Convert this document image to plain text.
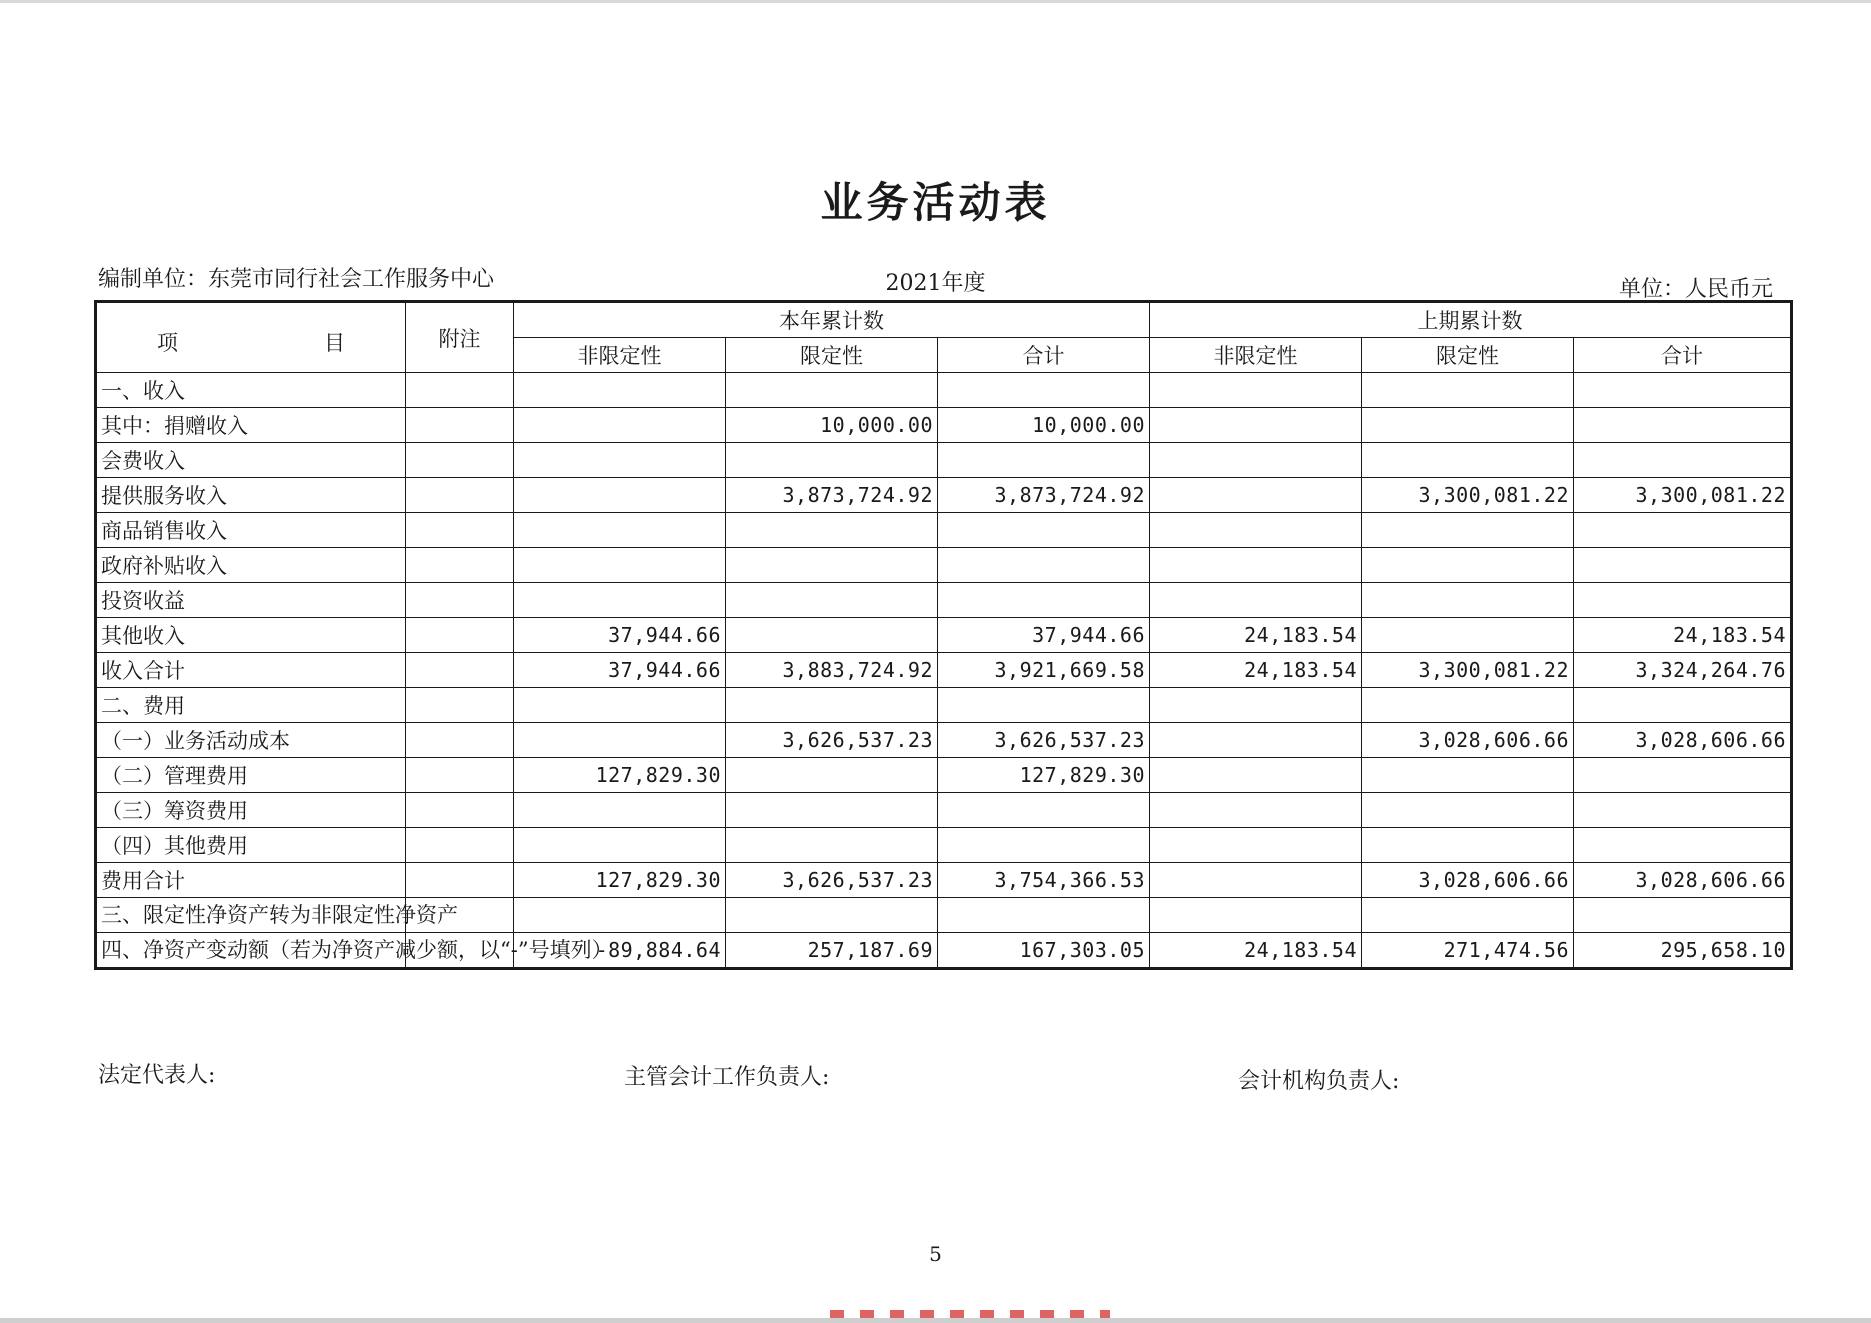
业务活动表
编制单位：东莞市同行社会工作服务中心	2021年度	单位：人民币元
项 目	附注	本年累计数			上期累计数		
		非限定性	限定性	合计	非限定性	限定性	合计
一、收入							
其中：捐赠收入			10,000.00	10,000.00			
会费收入							
提供服务收入			3,873,724.92	3,873,724.92		3,300,081.22	3,300,081.22
商品销售收入							
政府补贴收入							
投资收益							
其他收入		37,944.66		37,944.66	24,183.54		24,183.54
收入合计		37,944.66	3,883,724.92	3,921,669.58	24,183.54	3,300,081.22	3,324,264.76
二、费用							
（一）业务活动成本			3,626,537.23	3,626,537.23		3,028,606.66	3,028,606.66
（二）管理费用		127,829.30		127,829.30			
（三）筹资费用							
（四）其他费用							
费用合计		127,829.30	3,626,537.23	3,754,366.53		3,028,606.66	3,028,606.66
三、限定性净资产转为非限定性净资产							
四、净资产变动额（若为净资产减少额，以“-”号填列）		-89,884.64	257,187.69	167,303.05	24,183.54	271,474.56	295,658.10
法定代表人:	主管会计工作负责人:	会计机构负责人:
5
